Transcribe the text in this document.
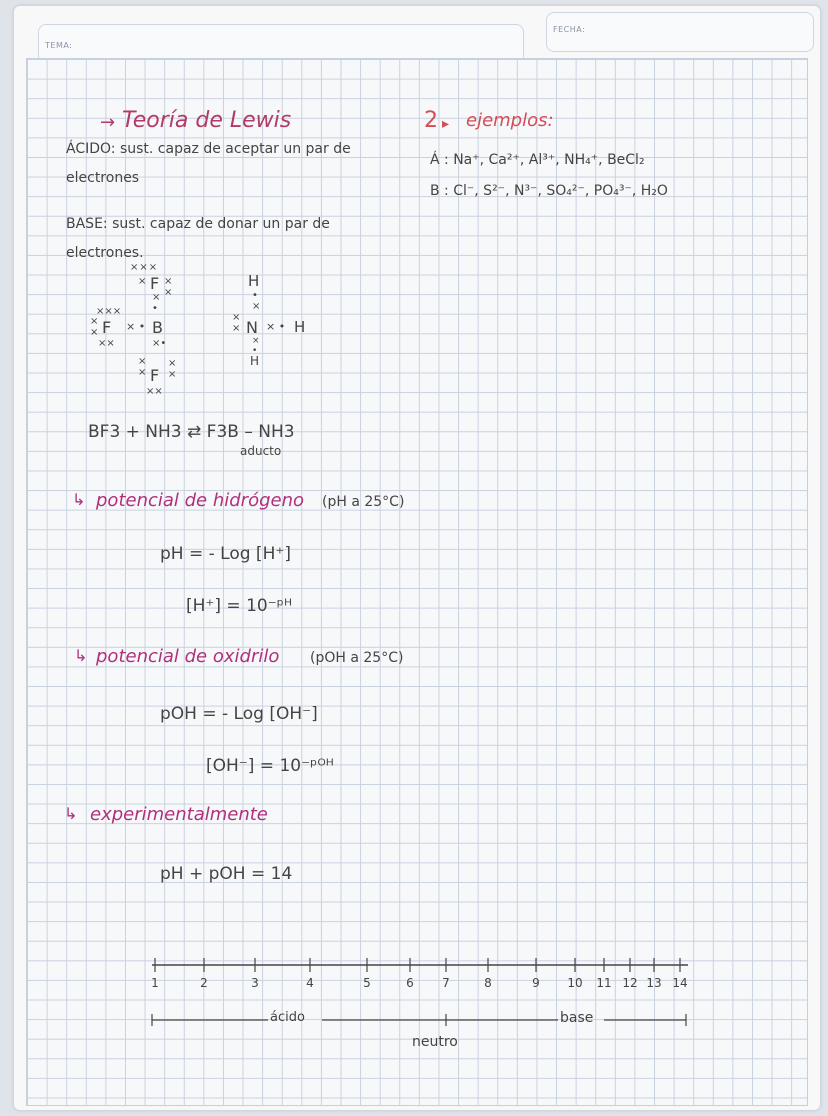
TEMA:
FECHA:
→ Teoría de Lewis
ÁCIDO: sust. capaz de aceptar un par de
electrones
BASE: sust. capaz de donar un par de
electrones.
F
F	B
F
×××
×
×
×
×
•
×××
×
×	× •
××	×•
×
×
×
×
××
H
N H
H
•
×
×
× × •
×
•
BF3 + NH3 ⇄ F3B – NH3
aducto
2 ▸ ejemplos:
Á : Na⁺, Ca²⁺, Al³⁺, NH₄⁺, BeCl₂
B : Cl⁻, S²⁻, N³⁻, SO₄²⁻, PO₄³⁻, H₂O
↳ potencial de hidrógeno (pH a 25°C)
pH = - Log [H⁺]
[H⁺] = 10⁻ᵖᴴ
↳ potencial de oxidrilo (pOH a 25°C)
pOH = - Log [OH⁻]
[OH⁻] = 10⁻ᵖᴼᴴ
↳ experimentalmente
pH + pOH = 14
1	2	3	4	5	6 7	8	9 10 11 12 13 14
ácido
neutro
base
